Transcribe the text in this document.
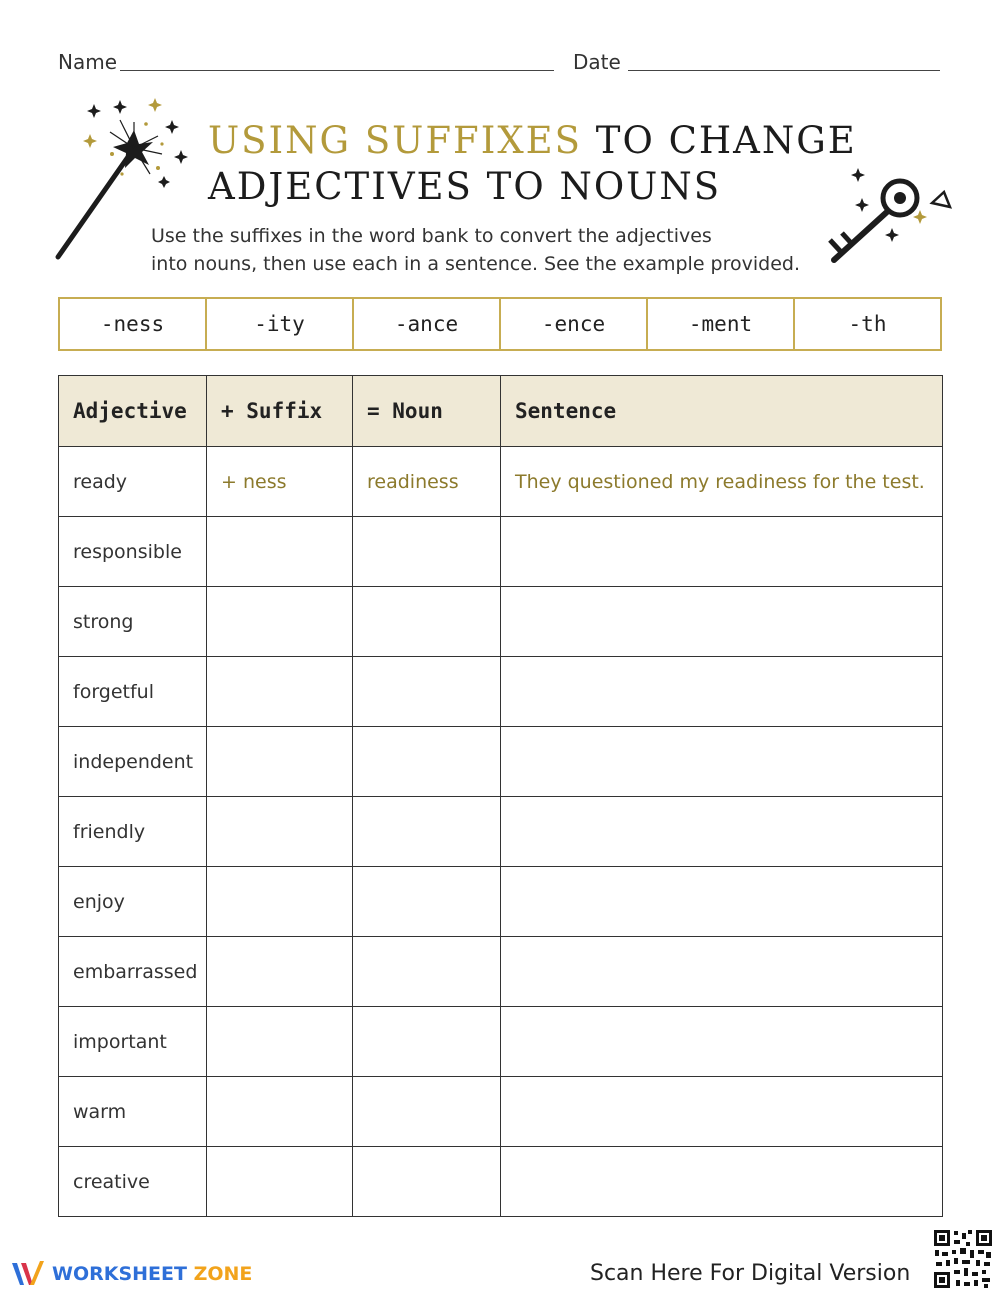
Name	Date
USING SUFFIXES TO CHANGE
ADJECTIVES TO NOUNS
Use the suffixes in the word bank to convert the adjectives
into nouns, then use each in a sentence. See the example provided.
-ness	-ity	-ance	-ence	-ment	-th
Adjective	+ Suffix	= Noun	Sentence
ready	+ ness	readiness	They questioned my readiness for the test.
responsible			
strong			
forgetful			
independent			
friendly			
enjoy			
embarrassed			
important			
warm			
creative			
WORKSHEET ZONE	Scan Here For Digital Version
